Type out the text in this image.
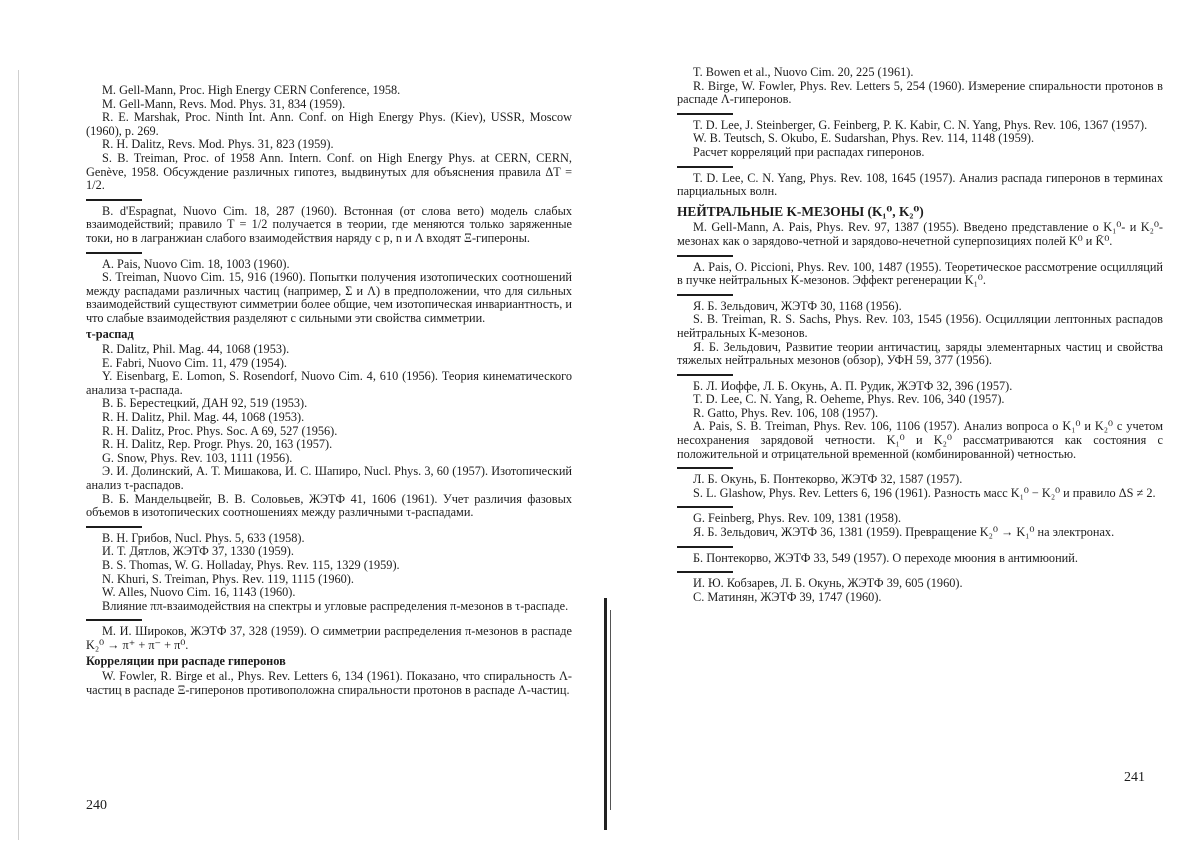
M. Gell-Mann, Proc. High Energy CERN Conference, 1958.

M. Gell-Mann, Revs. Mod. Phys. 31, 834 (1959).

R. E. Marshak, Proc. Ninth Int. Ann. Conf. on High Energy Phys. (Kiev), USSR, Moscow (1960), p. 269.

R. H. Dalitz, Revs. Mod. Phys. 31, 823 (1959).

S. B. Treiman, Proc. of 1958 Ann. Intern. Conf. on High Energy Phys. at CERN, CERN, Genève, 1958. Обсуждение различных гипотез, выдвинутых для объяснения правила ΔT = 1/2.

B. d'Espagnat, Nuovo Cim. 18, 287 (1960). Встонная (от слова ветo) модель слабых взаимодействий; правило T = 1/2 получается в теории, где меняются только заряженные токи, но в лагранжиан слабого взаимодействия наряду с p, n и Λ входят Ξ-гипероны.

A. Pais, Nuovo Cim. 18, 1003 (1960).

S. Treiman, Nuovo Cim. 15, 916 (1960). Попытки получения изотопических соотношений между распадами различных частиц (например, Σ и Λ) в предположении, что для сильных взаимодействий существуют симметрии более общие, чем изотопическая инвариантность, и что слабые взаимодействия разделяют с сильными эти свойства симметрии.

τ-распад

R. Dalitz, Phil. Mag. 44, 1068 (1953).

E. Fabri, Nuovo Cim. 11, 479 (1954).

Y. Eisenbarg, E. Lomon, S. Rosendorf, Nuovo Cim. 4, 610 (1956). Теория кинематического анализа τ-распада.

В. Б. Берестецкий, ДАН 92, 519 (1953).

R. H. Dalitz, Phil. Mag. 44, 1068 (1953).

R. H. Dalitz, Proc. Phys. Soc. A 69, 527 (1956).

R. H. Dalitz, Rep. Progr. Phys. 20, 163 (1957).

G. Snow, Phys. Rev. 103, 1111 (1956).

Э. И. Долинский, А. Т. Мишакова, И. С. Шапиро, Nucl. Phys. 3, 60 (1957). Изотопический анализ τ-распадов.

В. Б. Мандельцвейг, В. В. Соловьев, ЖЭТФ 41, 1606 (1961). Учет различия фазовых объемов в изотопических соотношениях между различными τ-распадами.

В. Н. Грибов, Nucl. Phys. 5, 633 (1958).

И. Т. Дятлов, ЖЭТФ 37, 1330 (1959).

B. S. Thomas, W. G. Holladay, Phys. Rev. 115, 1329 (1959).

N. Khuri, S. Treiman, Phys. Rev. 119, 1115 (1960).

W. Alles, Nuovo Cim. 16, 1143 (1960).

Влияние ππ-взаимодействия на спектры и угловые распределения π-мезонов в τ-распаде.

М. И. Широков, ЖЭТФ 37, 328 (1959). О симметрии распределения π-мезонов в распаде K₂⁰ → π⁺ + π⁻ + π⁰.

Корреляции при распаде гиперонов

W. Fowler, R. Birge et al., Phys. Rev. Letters 6, 134 (1961). Показано, что спиральность Λ-частиц в распаде Ξ-гиперонов противоположна спиральности протонов в распаде Λ-частиц.

T. Bowen et al., Nuovo Cim. 20, 225 (1961).

R. Birge, W. Fowler, Phys. Rev. Letters 5, 254 (1960). Измерение спиральности протонов в распаде Λ-гиперонов.

T. D. Lee, J. Steinberger, G. Feinberg, P. K. Kabir, C. N. Yang, Phys. Rev. 106, 1367 (1957).

W. B. Teutsch, S. Okubo, E. Sudarshan, Phys. Rev. 114, 1148 (1959).

Расчет корреляций при распадах гиперонов.

T. D. Lee, C. N. Yang, Phys. Rev. 108, 1645 (1957). Анализ распада гиперонов в терминах парциальных волн.

НЕЙТРАЛЬНЫЕ K-МЕЗОНЫ (K₁⁰, K₂⁰)

M. Gell-Mann, A. Pais, Phys. Rev. 97, 1387 (1955). Введено представление о K₁⁰- и K₂⁰-мезонах как о зарядово-четной и зарядово-нечетной суперпозициях полей K⁰ и K̄⁰.

A. Pais, O. Piccioni, Phys. Rev. 100, 1487 (1955). Теоретическое рассмотрение осцилляций в пучке нейтральных K-мезонов. Эффект регенерации K₁⁰.

Я. Б. Зельдович, ЖЭТФ 30, 1168 (1956).

S. B. Treiman, R. S. Sachs, Phys. Rev. 103, 1545 (1956). Осцилляции лептонных распадов нейтральных K-мезонов.

Я. Б. Зельдович, Развитие теории античастиц, заряды элементарных частиц и свойства тяжелых нейтральных мезонов (обзор), УФН 59, 377 (1956).

Б. Л. Иоффе, Л. Б. Окунь, А. П. Рудик, ЖЭТФ 32, 396 (1957).

T. D. Lee, C. N. Yang, R. Oeheme, Phys. Rev. 106, 340 (1957).

R. Gatto, Phys. Rev. 106, 108 (1957).

A. Pais, S. B. Treiman, Phys. Rev. 106, 1106 (1957). Анализ вопроса о K₁⁰ и K₂⁰ с учетом несохранения зарядовой четности. K₁⁰ и K₂⁰ рассматриваются как состояния с положительной и отрицательной временной (комбинированной) четностью.

Л. Б. Окунь, Б. Понтекорво, ЖЭТФ 32, 1587 (1957).

S. L. Glashow, Phys. Rev. Letters 6, 196 (1961). Разность масс K₁⁰ − K₂⁰ и правило ΔS ≠ 2.

G. Feinberg, Phys. Rev. 109, 1381 (1958).

Я. Б. Зельдович, ЖЭТФ 36, 1381 (1959). Превращение K₂⁰ → K₁⁰ на электронах.

Б. Понтекорво, ЖЭТФ 33, 549 (1957). О переходе мюония в антимюоний.

И. Ю. Кобзарев, Л. Б. Окунь, ЖЭТФ 39, 605 (1960).

С. Матинян, ЖЭТФ 39, 1747 (1960).

240
241
